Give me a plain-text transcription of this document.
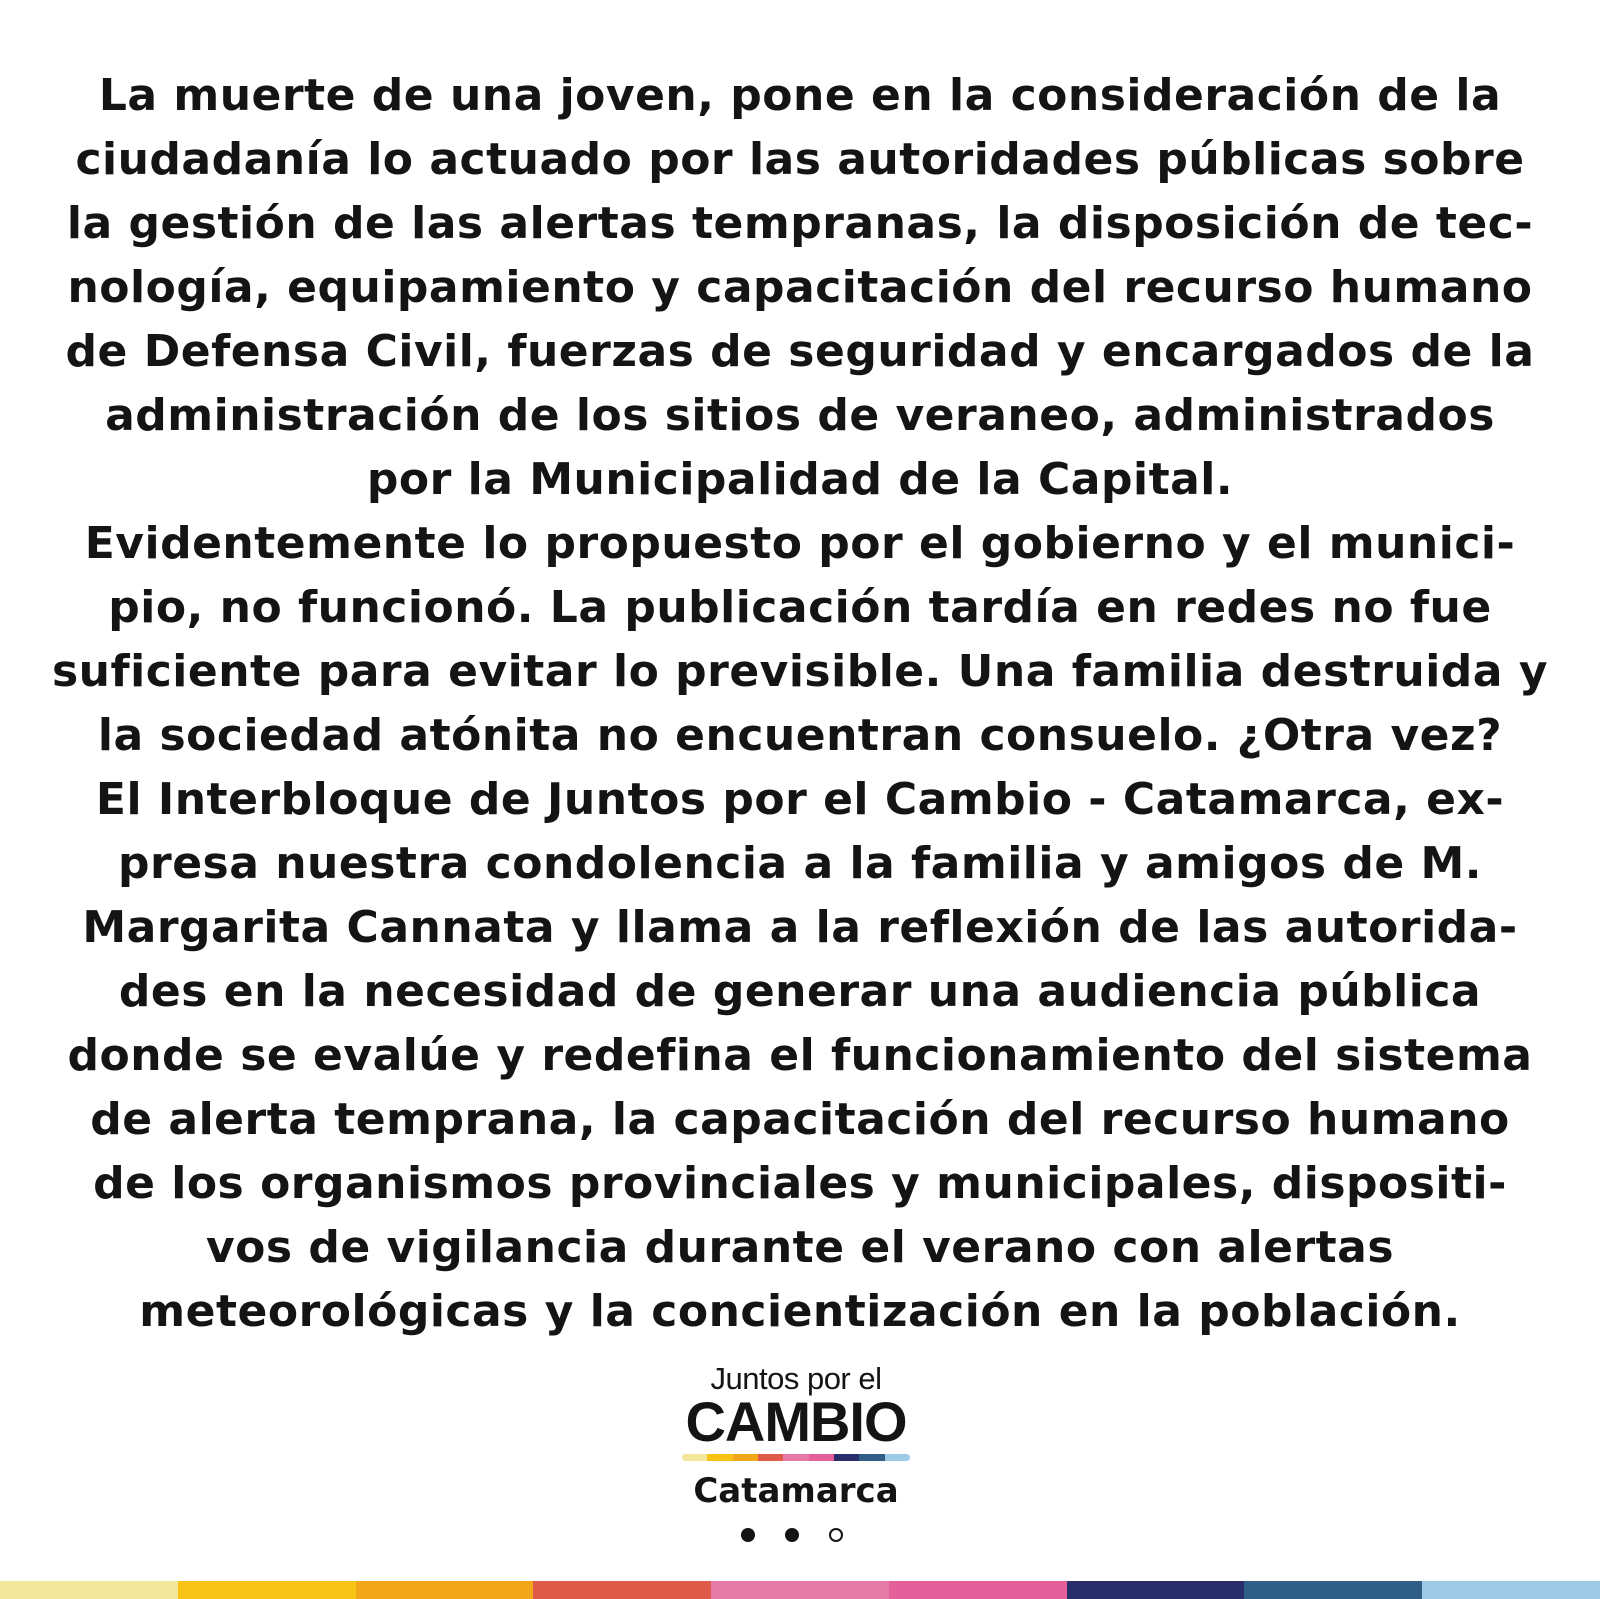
La muerte de una joven, pone en la consideración de la
ciudadanía lo actuado por las autoridades públicas sobre
la gestión de las alertas tempranas, la disposición de tec-
nología, equipamiento y capacitación del recurso humano
de Defensa Civil, fuerzas de seguridad y encargados de la
administración de los sitios de veraneo, administrados
por la Municipalidad de la Capital.
Evidentemente lo propuesto por el gobierno y el munici-
pio, no funcionó. La publicación tardía en redes no fue
suficiente para evitar lo previsible. Una familia destruida y
la sociedad atónita no encuentran consuelo. ¿Otra vez?
El Interbloque de Juntos por el Cambio - Catamarca, ex-
presa nuestra condolencia a la familia y amigos de M.
Margarita Cannata y llama a la reflexión de las autorida-
des en la necesidad de generar una audiencia pública
donde se evalúe y redefina el funcionamiento del sistema
de alerta temprana, la capacitación del recurso humano
de los organismos provinciales y municipales, dispositi-
vos de vigilancia durante el verano con alertas
meteorológicas y la concientización en la población.
Juntos por el
CAMBIO
Catamarca
